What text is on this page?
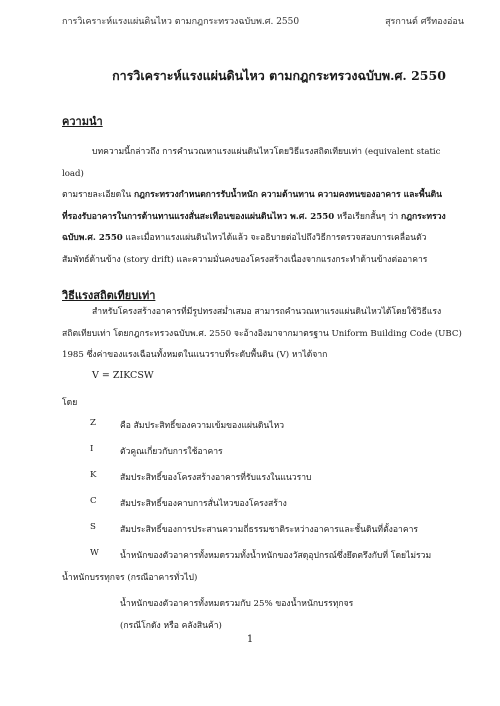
การวิเคราะห์แรงแผ่นดินไหว ตามกฎกระทรวงฉบับพ.ศ. 2550	สุรกานต์ ศรีทองอ่อน
การวิเคราะห์แรงแผ่นดินไหว ตามกฎกระทรวงฉบับพ.ศ. 2550
ความนำ
บทความนี้กล่าวถึง การคำนวณหาแรงแผ่นดินไหวโดยวิธีแรงสถิตเทียบเท่า (equivalent static load)
ตามรายละเอียดใน กฎกระทรวงกำหนดการรับน้ำหนัก ความต้านทาน ความคงทนของอาคาร และพื้นดิน
ที่รองรับอาคารในการต้านทานแรงสั่นสะเทือนของแผ่นดินไหว พ.ศ. 2550 หรือเรียกสั้นๆ ว่า กฎกระทรวง
ฉบับพ.ศ. 2550 และเมื่อหาแรงแผ่นดินไหวได้แล้ว จะอธิบายต่อไปถึงวิธีการตรวจสอบการเคลื่อนตัว
สัมพัทธ์ด้านข้าง (story drift) และความมั่นคงของโครงสร้างเนื่องจากแรงกระทำด้านข้างต่ออาคาร
วิธีแรงสถิตเทียบเท่า
สำหรับโครงสร้างอาคารที่มีรูปทรงสม่ำเสมอ สามารถคำนวณหาแรงแผ่นดินไหวได้โดยใช้วิธีแรง
สถิตเทียบเท่า โดยกฎกระทรวงฉบับพ.ศ. 2550 จะอ้างอิงมาจากมาตรฐาน Uniform Building Code (UBC)
1985 ซึ่งค่าของแรงเฉือนทั้งหมดในแนวราบที่ระดับพื้นดิน (V) หาได้จาก
V = ZIKCSW
โดย
Z	คือ สัมประสิทธิ์ของความเข้มของแผ่นดินไหว
I	ตัวคูณเกี่ยวกับการใช้อาคาร
K	สัมประสิทธิ์ของโครงสร้างอาคารที่รับแรงในแนวราบ
C	สัมประสิทธิ์ของคาบการสั่นไหวของโครงสร้าง
S	สัมประสิทธิ์ของการประสานความถี่ธรรมชาติระหว่างอาคารและชั้นดินที่ตั้งอาคาร
W น้ำหนักของตัวอาคารทั้งหมดรวมทั้งน้ำหนักของวัสดุอุปกรณ์ซึ่งยึดตรึงกับที่ โดยไม่รวม
น้ำหนักบรรทุกจร (กรณีอาคารทั่วไป)
น้ำหนักของตัวอาคารทั้งหมดรวมกับ 25% ของน้ำหนักบรรทุกจร
(กรณีโกดัง หรือ คลังสินค้า)
1
